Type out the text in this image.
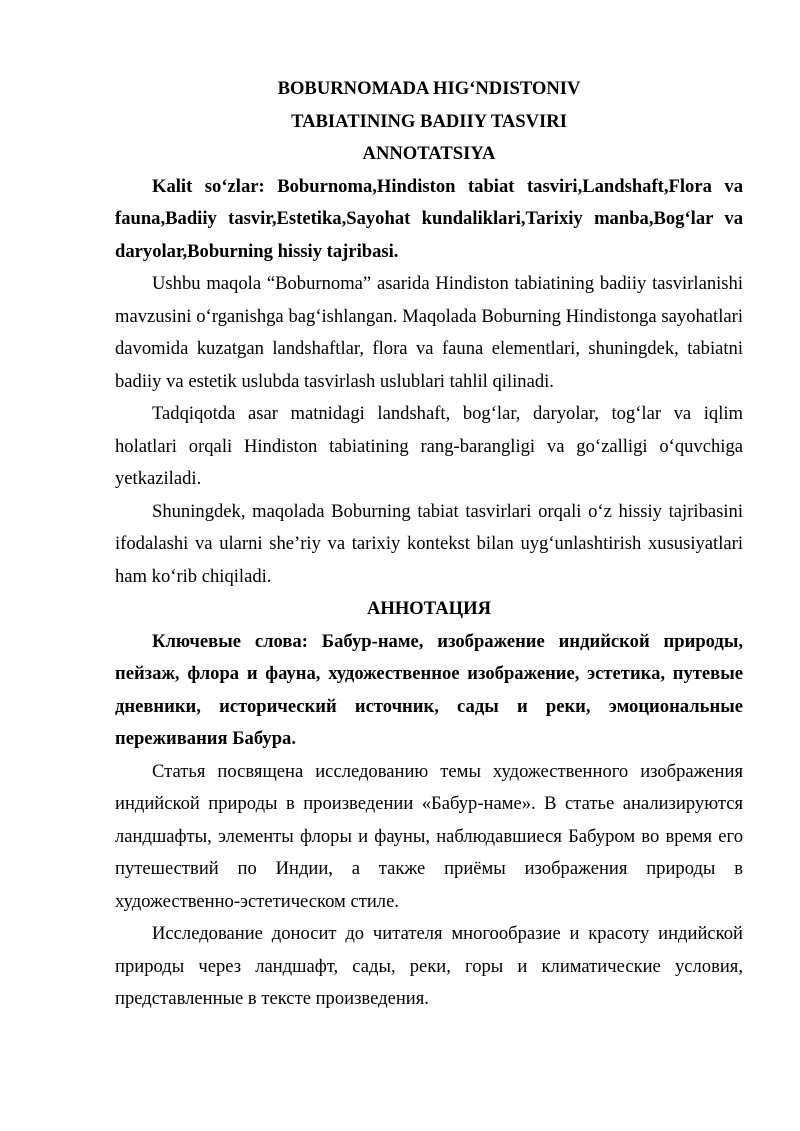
BOBURNOMADA HIG‘NDISTONIV
TABIATINING BADIIY TASVIRI
ANNOTATSIYA

Kalit so‘zlar: Boburnoma,Hindiston tabiat tasviri,Landshaft,Flora va fauna,Badiiy tasvir,Estetika,Sayohat kundaliklari,Tarixiy manba,Bog‘lar va daryolar,Boburning hissiy tajribasi.

Ushbu maqola “Boburnoma” asarida Hindiston tabiatining badiiy tasvirlanishi mavzusini o‘rganishga bag‘ishlangan. Maqolada Boburning Hindistonga sayohatlari davomida kuzatgan landshaftlar, flora va fauna elementlari, shuningdek, tabiatni badiiy va estetik uslubda tasvirlash uslublari tahlil qilinadi.

Tadqiqotda asar matnidagi landshaft, bog‘lar, daryolar, tog‘lar va iqlim holatlari orqali Hindiston tabiatining rang-barangligi va go‘zalligi o‘quvchiga yetkaziladi.

Shuningdek, maqolada Boburning tabiat tasvirlari orqali o‘z hissiy tajribasini ifodalashi va ularni she’riy va tarixiy kontekst bilan uyg‘unlashtirish xususiyatlari ham ko‘rib chiqiladi.

АННОТАЦИЯ

Ключевые слова: Бабур-наме, изображение индийской природы, пейзаж, флора и фауна, художественное изображение, эстетика, путевые дневники, исторический источник, сады и реки, эмоциональные переживания Бабура.

Статья посвящена исследованию темы художественного изображения индийской природы в произведении «Бабур-наме». В статье анализируются ландшафты, элементы флоры и фауны, наблюдавшиеся Бабуром во время его путешествий по Индии, а также приёмы изображения природы в художественно-эстетическом стиле.

Исследование доносит до читателя многообразие и красоту индийской природы через ландшафт, сады, реки, горы и климатические условия, представленные в тексте произведения.
